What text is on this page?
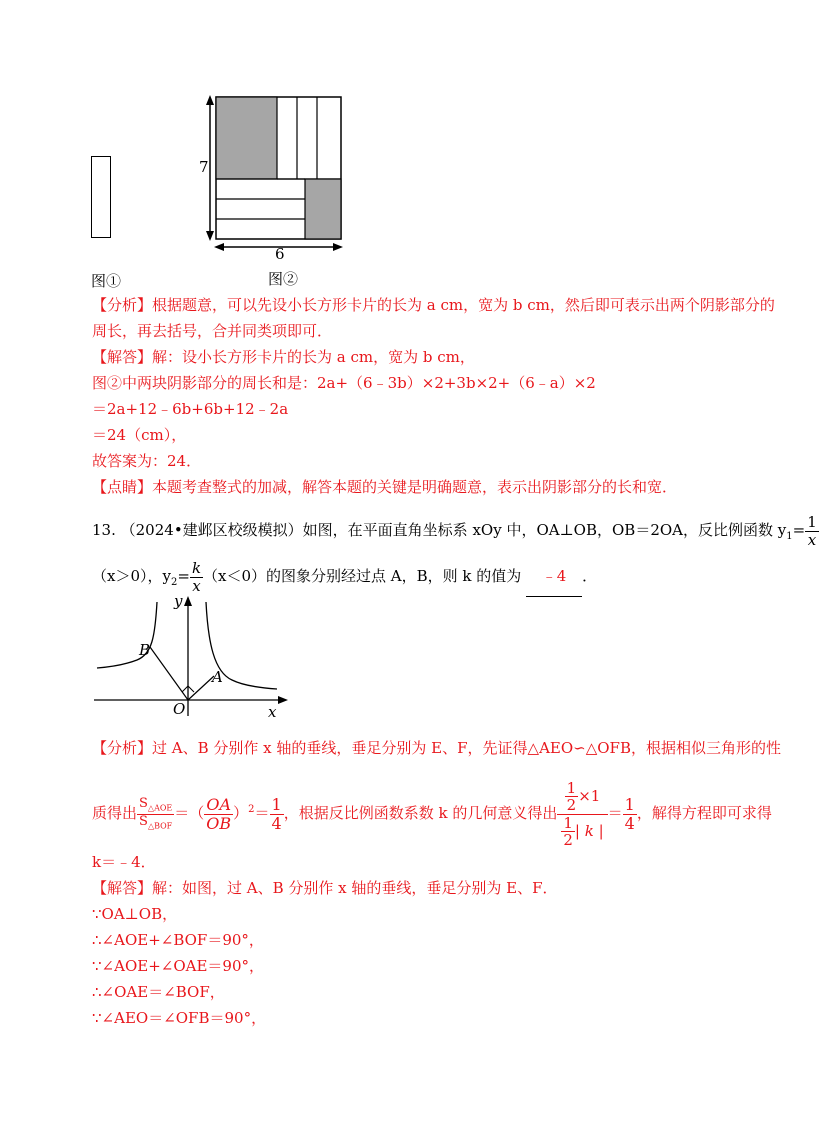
图①
7
6
图②
【分析】根据题意，可以先设小长方形卡片的长为 a cm，宽为 b cm，然后即可表示出两个阴影部分的
周长，再去括号，合并同类项即可．
【解答】解：设小长方形卡片的长为 a cm，宽为 b cm，
图②中两块阴影部分的周长和是：2a+（6﹣3b）×2+3b×2+（6﹣a）×2
＝2a+12﹣6b+6b+12﹣2a
＝24（cm），
故答案为：24．
【点睛】本题考查整式的加减，解答本题的关键是明确题意，表示出阴影部分的长和宽．
13. （2024•建邺区校级模拟）如图，在平面直角坐标系 xOy 中，OA⊥OB，OB＝2OA，反比例函数 $y_1= \frac{1}{x}$
（x＞0），$y_2= \frac{k}{x} (x<0)$的图象分别经过点 A，B，则 k 的值为 ﹣4 ．
y
x
O
A
B
【分析】过 A、B 分别作 x 轴的垂线，垂足分别为 E、F，先证得△AEO∽△OFB，根据相似三角形的性
质得出 $\frac{S_{\triangle AOE}}{S_{\triangle BOF}}$ ＝（ $\frac{OA}{OB} )^2= \frac{1}{4}$ ，根据反比例函数系数 k 的几何意义得出 $\frac{\frac{1}{2} \times 1}{\frac{1}{2} | k |} = \frac{1}{4}$ ，解得方程即可求得
k＝﹣4．
【解答】解：如图，过 A、B 分别作 x 轴的垂线，垂足分别为 E、F．
∵OA⊥OB，
∴∠AOE+∠BOF＝90°，
∵∠AOE+∠OAE＝90°，
∴∠OAE＝∠BOF，
∵∠AEO＝∠OFB＝90°，
